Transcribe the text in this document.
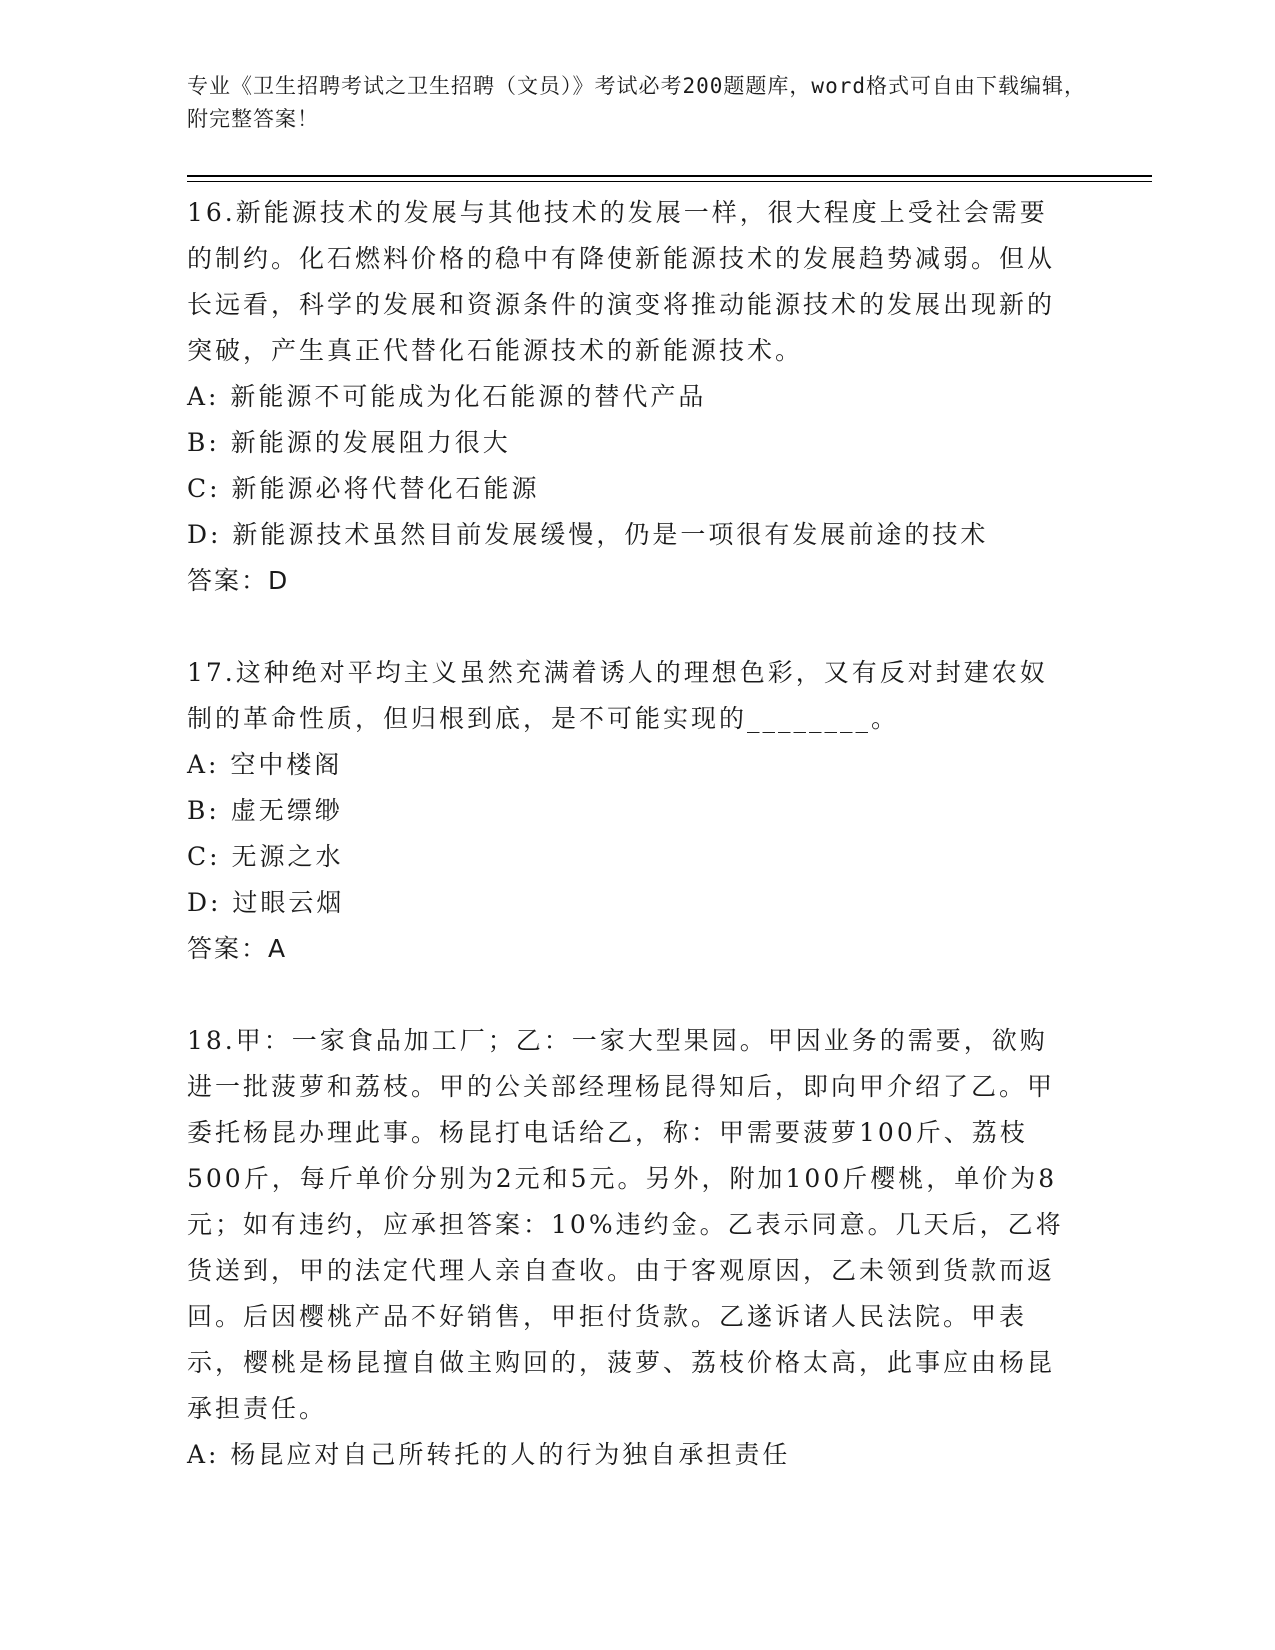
专业《卫生招聘考试之卫生招聘（文员）》考试必考200题题库，word格式可自由下载编辑，附完整答案！

16.新能源技术的发展与其他技术的发展一样，很大程度上受社会需要的制约。化石燃料价格的稳中有降使新能源技术的发展趋势减弱。但从长远看，科学的发展和资源条件的演变将推动能源技术的发展出现新的突破，产生真正代替化石能源技术的新能源技术。

A: 新能源不可能成为化石能源的替代产品

B: 新能源的发展阻力很大

C: 新能源必将代替化石能源

D: 新能源技术虽然目前发展缓慢，仍是一项很有发展前途的技术

答案：D

17.这种绝对平均主义虽然充满着诱人的理想色彩，又有反对封建农奴制的革命性质，但归根到底，是不可能实现的________。

A: 空中楼阁

B: 虚无缥缈

C: 无源之水

D: 过眼云烟

答案：A

18.甲：一家食品加工厂；乙：一家大型果园。甲因业务的需要，欲购进一批菠萝和荔枝。甲的公关部经理杨昆得知后，即向甲介绍了乙。甲委托杨昆办理此事。杨昆打电话给乙，称：甲需要菠萝100斤、荔枝500斤，每斤单价分别为2元和5元。另外，附加100斤樱桃，单价为8元；如有违约，应承担答案：10%违约金。乙表示同意。几天后，乙将货送到，甲的法定代理人亲自查收。由于客观原因，乙未领到货款而返回。后因樱桃产品不好销售，甲拒付货款。乙遂诉诸人民法院。甲表示，樱桃是杨昆擅自做主购回的，菠萝、荔枝价格太高，此事应由杨昆承担责任。

A: 杨昆应对自己所转托的人的行为独自承担责任
